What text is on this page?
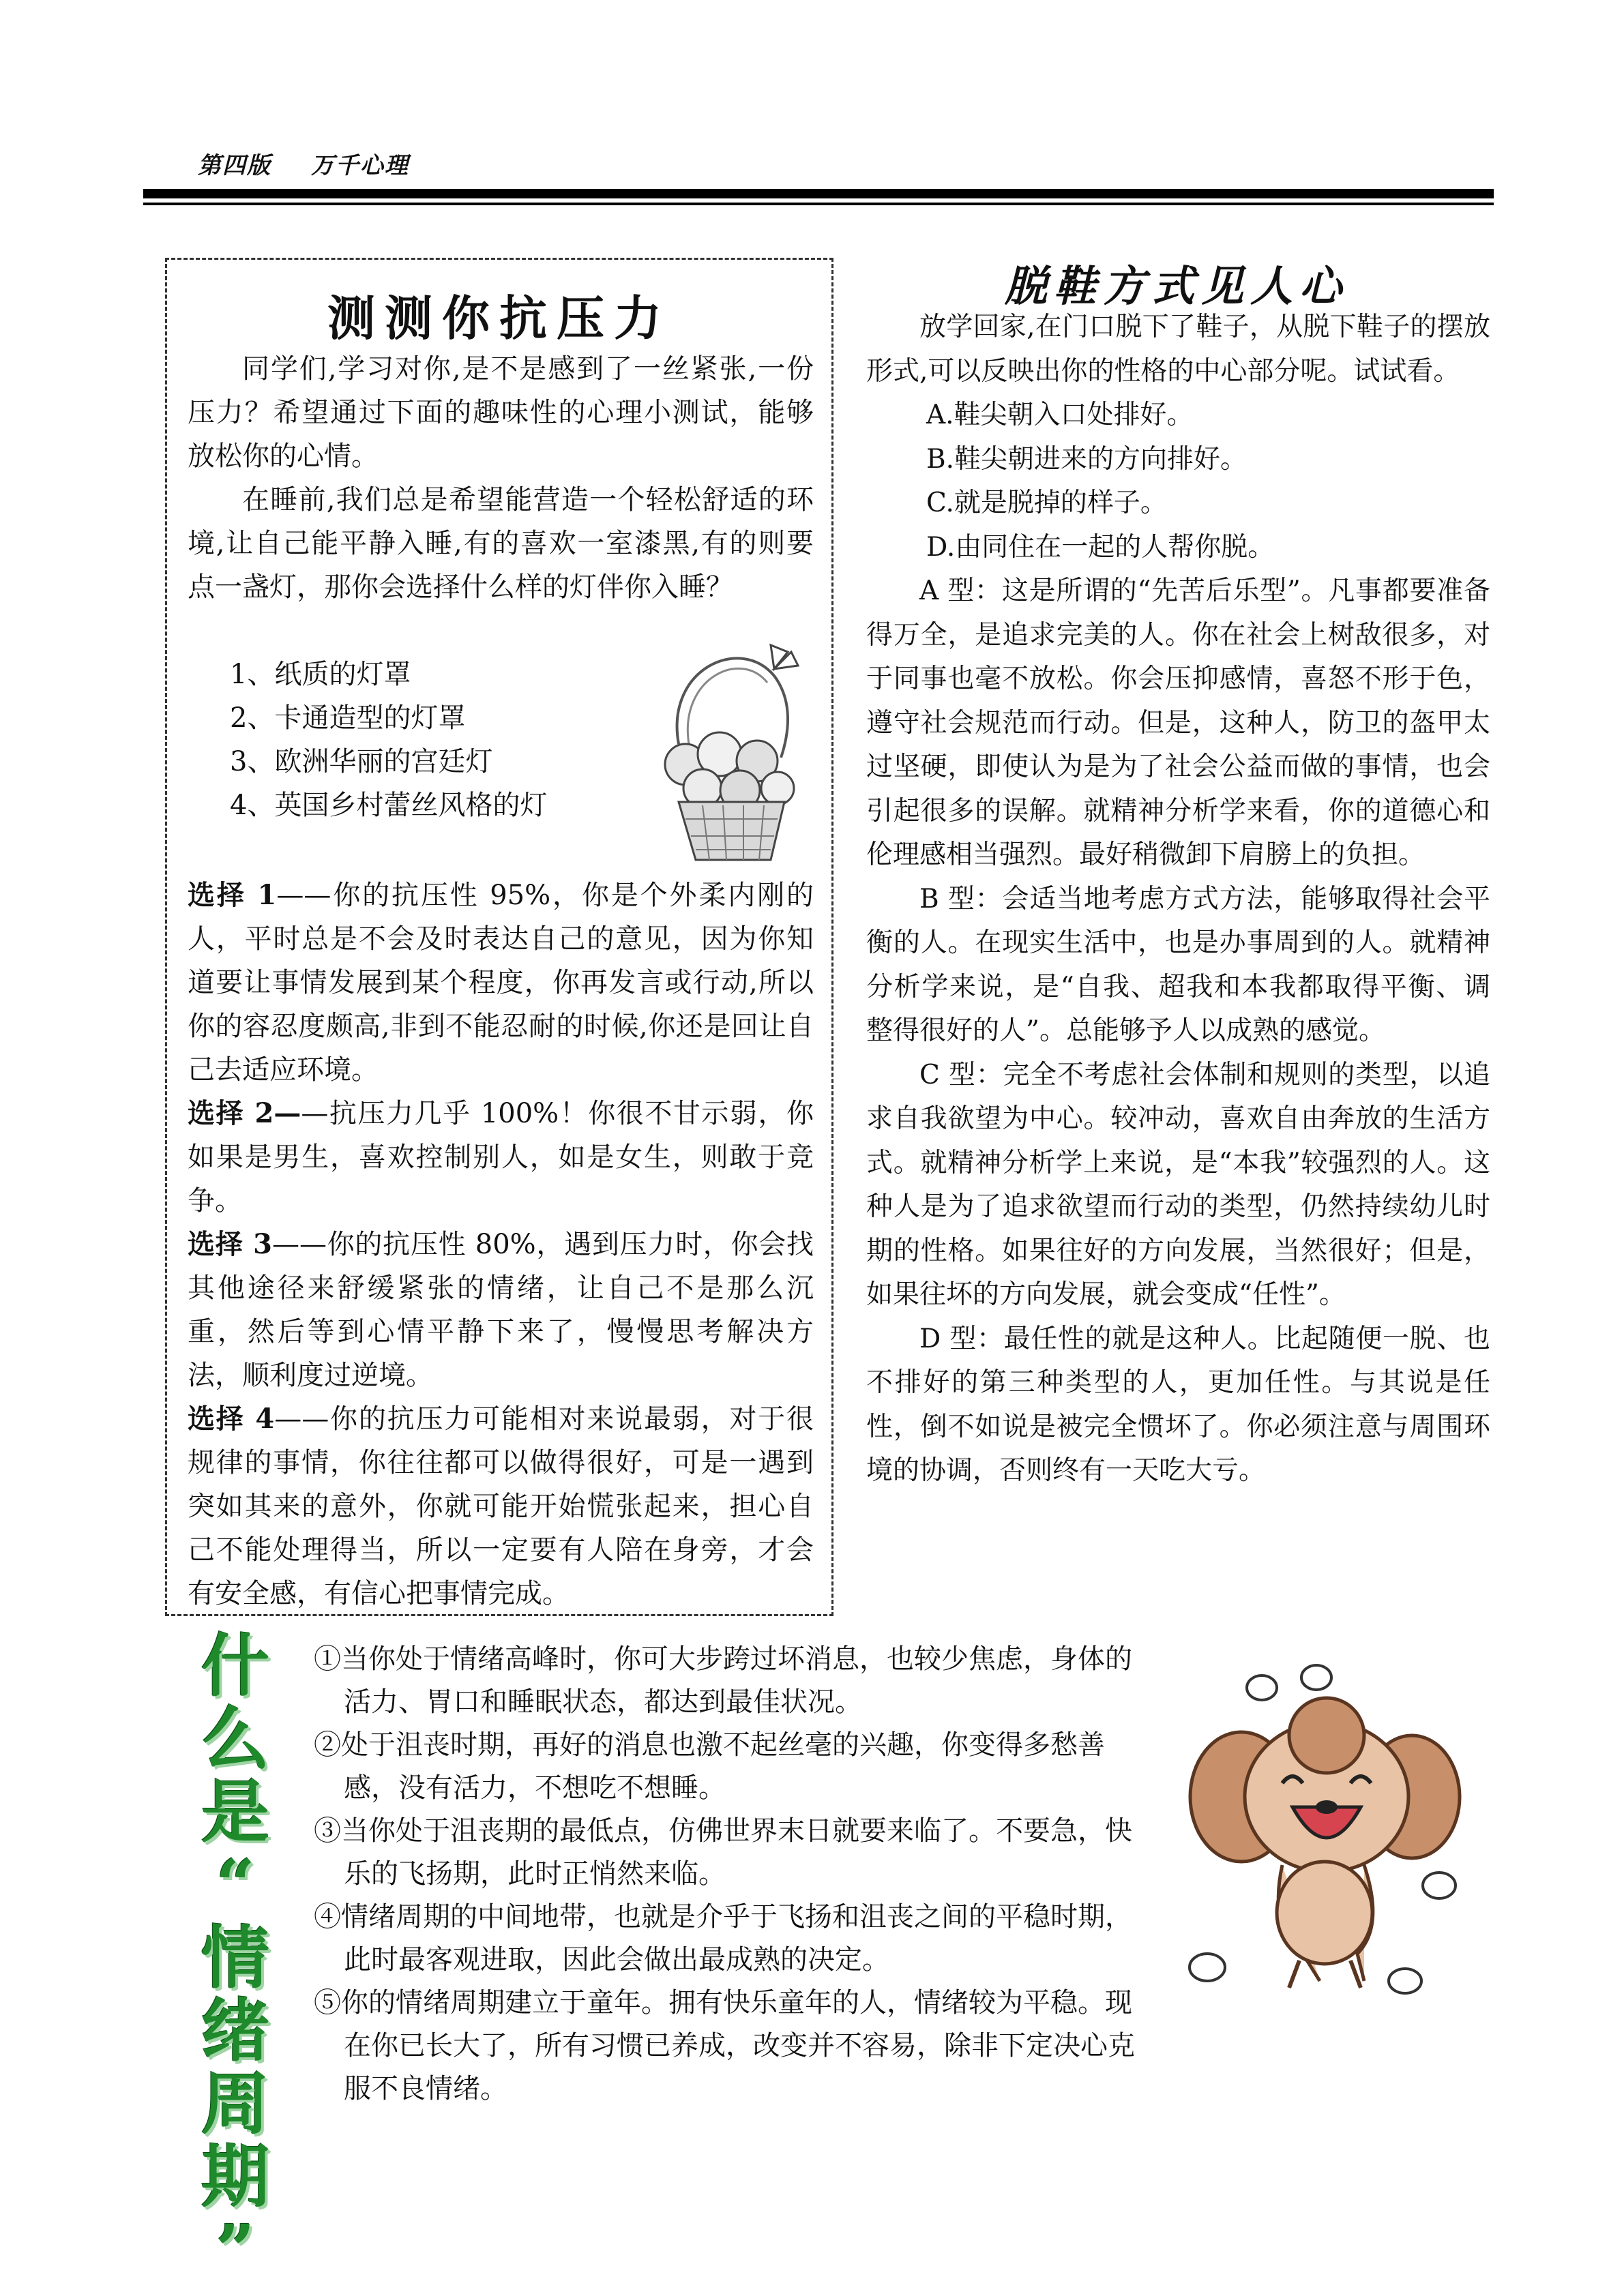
第四版 万千心理
测测你抗压力

同学们,学习对你,是不是感到了一丝紧张,一份压力？希望通过下面的趣味性的心理小测试，能够放松你的心情。

在睡前,我们总是希望能营造一个轻松舒适的环境,让自己能平静入睡,有的喜欢一室漆黑,有的则要点一盏灯，那你会选择什么样的灯伴你入睡？

1、纸质的灯罩

2、卡通造型的灯罩

3、欧洲华丽的宫廷灯

4、英国乡村蕾丝风格的灯

选择 1——你的抗压性 95%，你是个外柔内刚的人，平时总是不会及时表达自己的意见，因为你知道要让事情发展到某个程度，你再发言或行动,所以你的容忍度颇高,非到不能忍耐的时候,你还是回让自己去适应环境。

选择 2——抗压力几乎 100%！你很不甘示弱，你如果是男生，喜欢控制别人，如是女生，则敢于竞争。

选择 3——你的抗压性 80%，遇到压力时，你会找其他途径来舒缓紧张的情绪，让自己不是那么沉重，然后等到心情平静下来了，慢慢思考解决方法，顺利度过逆境。

选择 4——你的抗压力可能相对来说最弱，对于很规律的事情，你往往都可以做得很好，可是一遇到突如其来的意外，你就可能开始慌张起来，担心自己不能处理得当，所以一定要有人陪在身旁，才会有安全感，有信心把事情完成。

脱鞋方式见人心

放学回家,在门口脱下了鞋子，从脱下鞋子的摆放形式,可以反映出你的性格的中心部分呢。试试看。

A.鞋尖朝入口处排好。

B.鞋尖朝进来的方向排好。

C.就是脱掉的样子。

D.由同住在一起的人帮你脱。

A 型：这是所谓的“先苦后乐型”。凡事都要准备得万全，是追求完美的人。你在社会上树敌很多，对于同事也毫不放松。你会压抑感情，喜怒不形于色，遵守社会规范而行动。但是，这种人，防卫的盔甲太过坚硬，即使认为是为了社会公益而做的事情，也会引起很多的误解。就精神分析学来看，你的道德心和伦理感相当强烈。最好稍微卸下肩膀上的负担。

B 型：会适当地考虑方式方法，能够取得社会平衡的人。在现实生活中，也是办事周到的人。就精神分析学来说，是“自我、超我和本我都取得平衡、调整得很好的人”。总能够予人以成熟的感觉。

C 型：完全不考虑社会体制和规则的类型，以追求自我欲望为中心。较冲动，喜欢自由奔放的生活方式。就精神分析学上来说，是“本我”较强烈的人。这种人是为了追求欲望而行动的类型，仍然持续幼儿时期的性格。如果往好的方向发展，当然很好；但是，如果往坏的方向发展，就会变成“任性”。

D 型：最任性的就是这种人。比起随便一脱、也不排好的第三种类型的人，更加任性。与其说是任性，倒不如说是被完全惯坏了。你必须注意与周围环境的协调，否则终有一天吃大亏。

什
么
是
“
情
绪
周
期
”

①当你处于情绪高峰时，你可大步跨过坏消息，也较少焦虑，身体的活力、胃口和睡眠状态，都达到最佳状况。

②处于沮丧时期，再好的消息也激不起丝毫的兴趣，你变得多愁善感，没有活力，不想吃不想睡。

③当你处于沮丧期的最低点，仿佛世界末日就要来临了。不要急，快乐的飞扬期，此时正悄然来临。

④情绪周期的中间地带，也就是介乎于飞扬和沮丧之间的平稳时期，此时最客观进取，因此会做出最成熟的决定。

⑤你的情绪周期建立于童年。拥有快乐童年的人，情绪较为平稳。现在你已长大了，所有习惯已养成，改变并不容易，除非下定决心克服不良情绪。
